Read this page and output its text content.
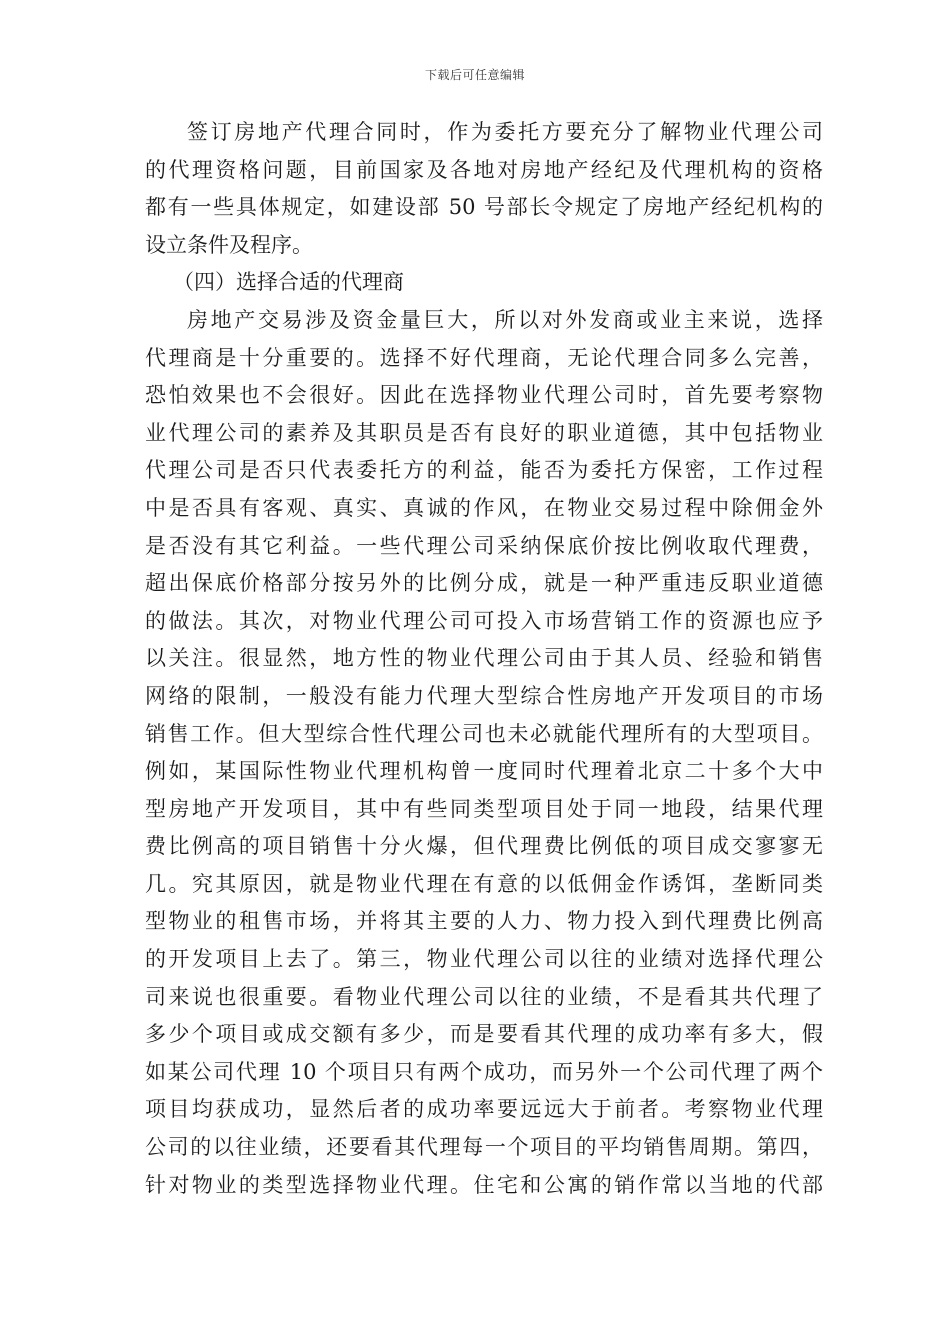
下载后可任意编辑
签订房地产代理合同时，作为委托方要充分了解物业代理公司
的代理资格问题，目前国家及各地对房地产经纪及代理机构的资格
都有一些具体规定，如建设部 50 号部长令规定了房地产经纪机构的
设立条件及程序。
（四）选择合适的代理商
房地产交易涉及资金量巨大，所以对外发商或业主来说，选择
代理商是十分重要的。选择不好代理商，无论代理合同多么完善，
恐怕效果也不会很好。因此在选择物业代理公司时，首先要考察物
业代理公司的素养及其职员是否有良好的职业道德，其中包括物业
代理公司是否只代表委托方的利益，能否为委托方保密，工作过程
中是否具有客观、真实、真诚的作风，在物业交易过程中除佣金外
是否没有其它利益。一些代理公司采纳保底价按比例收取代理费，
超出保底价格部分按另外的比例分成，就是一种严重违反职业道德
的做法。其次，对物业代理公司可投入市场营销工作的资源也应予
以关注。很显然，地方性的物业代理公司由于其人员、经验和销售
网络的限制，一般没有能力代理大型综合性房地产开发项目的市场
销售工作。但大型综合性代理公司也未必就能代理所有的大型项目。
例如，某国际性物业代理机构曾一度同时代理着北京二十多个大中
型房地产开发项目，其中有些同类型项目处于同一地段，结果代理
费比例高的项目销售十分火爆，但代理费比例低的项目成交寥寥无
几。究其原因，就是物业代理在有意的以低佣金作诱饵，垄断同类
型物业的租售市场，并将其主要的人力、物力投入到代理费比例高
的开发项目上去了。第三，物业代理公司以往的业绩对选择代理公
司来说也很重要。看物业代理公司以往的业绩，不是看其共代理了
多少个项目或成交额有多少，而是要看其代理的成功率有多大，假
如某公司代理 10 个项目只有两个成功，而另外一个公司代理了两个
项目均获成功，显然后者的成功率要远远大于前者。考察物业代理
公司的以往业绩，还要看其代理每一个项目的平均销售周期。第四，
针对物业的类型选择物业代理。住宅和公寓的销作常以当地的代部
